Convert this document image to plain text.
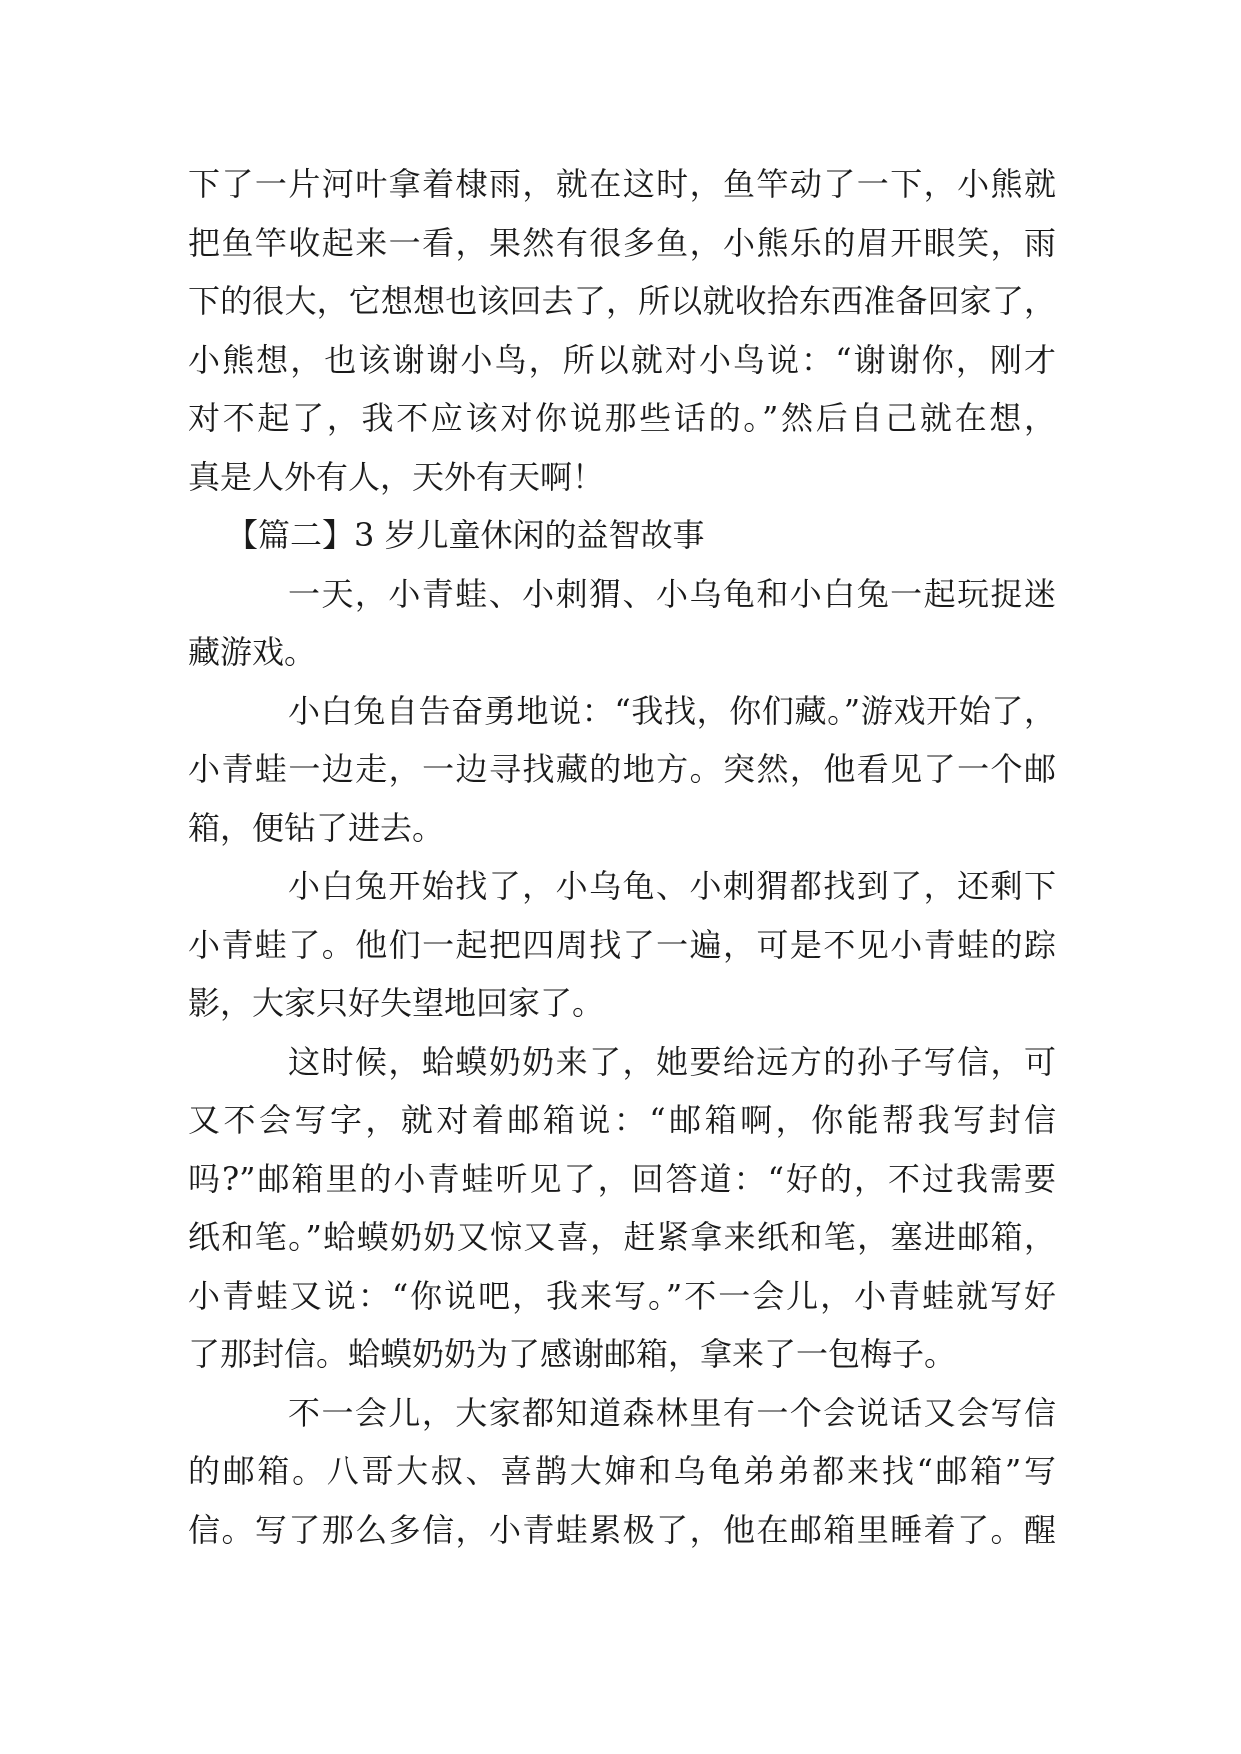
下了一片河叶拿着棣雨，就在这时，鱼竿动了一下，小熊就
把鱼竿收起来一看，果然有很多鱼，小熊乐的眉开眼笑，雨
下的很大，它想想也该回去了，所以就收拾东西准备回家了，
小熊想，也该谢谢小鸟，所以就对小鸟说：“谢谢你，刚才
对不起了，我不应该对你说那些话的。”然后自己就在想，
真是人外有人，天外有天啊！
【篇二】3 岁儿童休闲的益智故事
一天，小青蛙、小刺猬、小乌龟和小白兔一起玩捉迷
藏游戏。
小白兔自告奋勇地说：“我找，你们藏。”游戏开始了，
小青蛙一边走，一边寻找藏的地方。突然，他看见了一个邮
箱，便钻了进去。
小白兔开始找了，小乌龟、小刺猬都找到了，还剩下
小青蛙了。他们一起把四周找了一遍，可是不见小青蛙的踪
影，大家只好失望地回家了。
这时候，蛤蟆奶奶来了，她要给远方的孙子写信，可
又不会写字，就对着邮箱说：“邮箱啊，你能帮我写封信
吗?”邮箱里的小青蛙听见了，回答道：“好的，不过我需要
纸和笔。”蛤蟆奶奶又惊又喜，赶紧拿来纸和笔，塞进邮箱，
小青蛙又说：“你说吧，我来写。”不一会儿，小青蛙就写好
了那封信。蛤蟆奶奶为了感谢邮箱，拿来了一包梅子。
不一会儿，大家都知道森林里有一个会说话又会写信
的邮箱。八哥大叔、喜鹊大婶和乌龟弟弟都来找“邮箱”写
信。写了那么多信，小青蛙累极了，他在邮箱里睡着了。醒
